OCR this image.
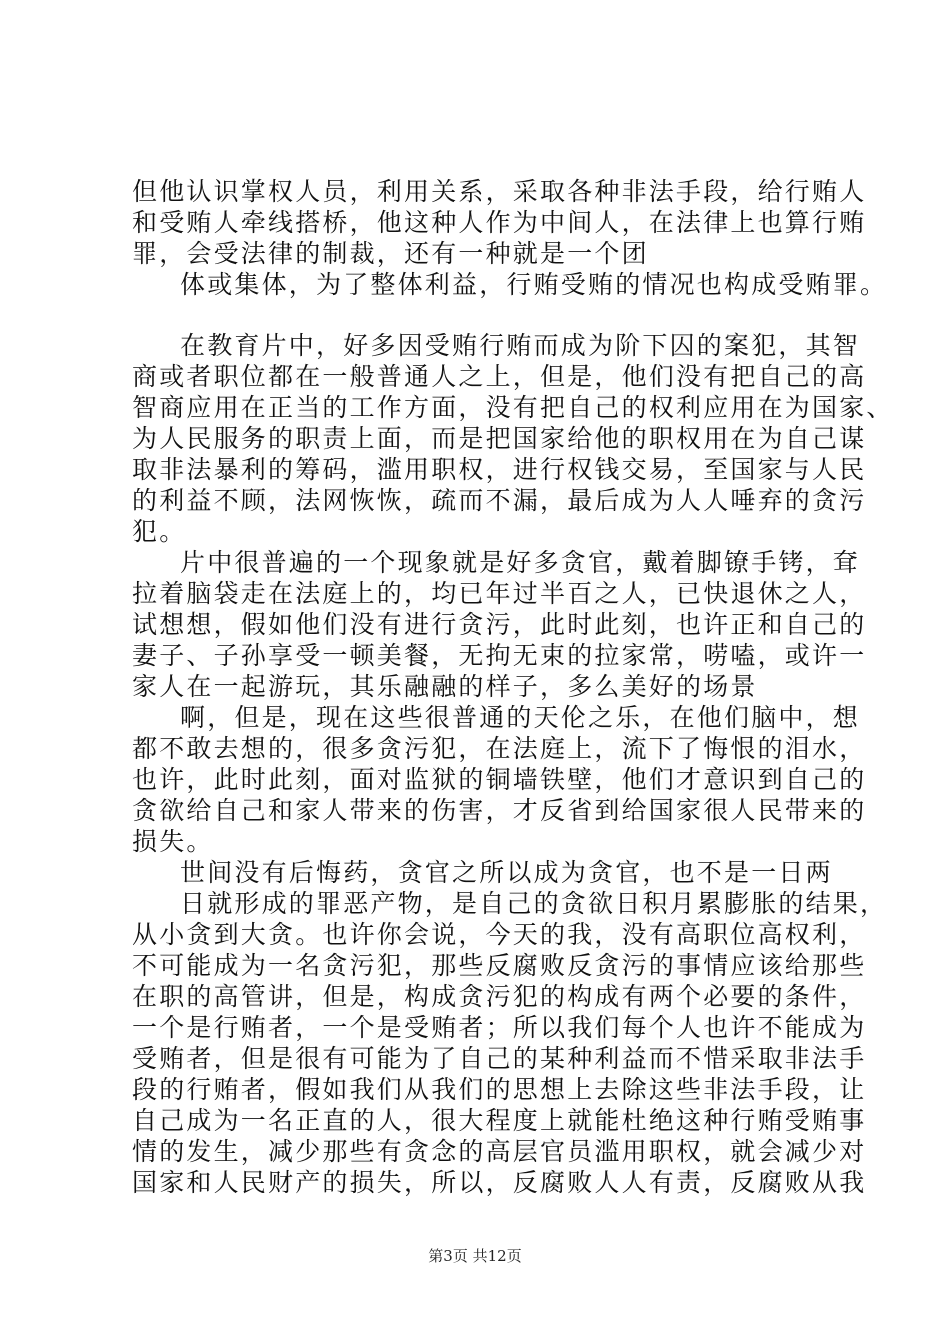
但他认识掌权人员，利用关系，采取各种非法手段，给行贿人
和受贿人牵线搭桥，他这种人作为中间人，在法律上也算行贿
罪，会受法律的制裁，还有一种就是一个团
体或集体，为了整体利益，行贿受贿的情况也构成受贿罪。
在教育片中，好多因受贿行贿而成为阶下囚的案犯，其智
商或者职位都在一般普通人之上，但是，他们没有把自己的高
智商应用在正当的工作方面，没有把自己的权利应用在为国家、
为人民服务的职责上面，而是把国家给他的职权用在为自己谋
取非法暴利的筹码，滥用职权，进行权钱交易，至国家与人民
的利益不顾，法网恢恢，疏而不漏，最后成为人人唾弃的贪污
犯。
片中很普遍的一个现象就是好多贪官，戴着脚镣手铐，耷
拉着脑袋走在法庭上的，均已年过半百之人，已快退休之人，
试想想，假如他们没有进行贪污，此时此刻，也许正和自己的
妻子、子孙享受一顿美餐，无拘无束的拉家常，唠嗑，或许一
家人在一起游玩，其乐融融的样子，多么美好的场景
啊，但是，现在这些很普通的天伦之乐，在他们脑中，想
都不敢去想的，很多贪污犯，在法庭上，流下了悔恨的泪水，
也许，此时此刻，面对监狱的铜墙铁壁，他们才意识到自己的
贪欲给自己和家人带来的伤害，才反省到给国家很人民带来的
损失。
世间没有后悔药，贪官之所以成为贪官，也不是一日两
日就形成的罪恶产物，是自己的贪欲日积月累膨胀的结果，
从小贪到大贪。也许你会说，今天的我，没有高职位高权利，
不可能成为一名贪污犯，那些反腐败反贪污的事情应该给那些
在职的高管讲，但是，构成贪污犯的构成有两个必要的条件，
一个是行贿者，一个是受贿者；所以我们每个人也许不能成为
受贿者，但是很有可能为了自己的某种利益而不惜采取非法手
段的行贿者，假如我们从我们的思想上去除这些非法手段，让
自己成为一名正直的人，很大程度上就能杜绝这种行贿受贿事
情的发生，减少那些有贪念的高层官员滥用职权，就会减少对
国家和人民财产的损失，所以，反腐败人人有责，反腐败从我
第3页 共12页
